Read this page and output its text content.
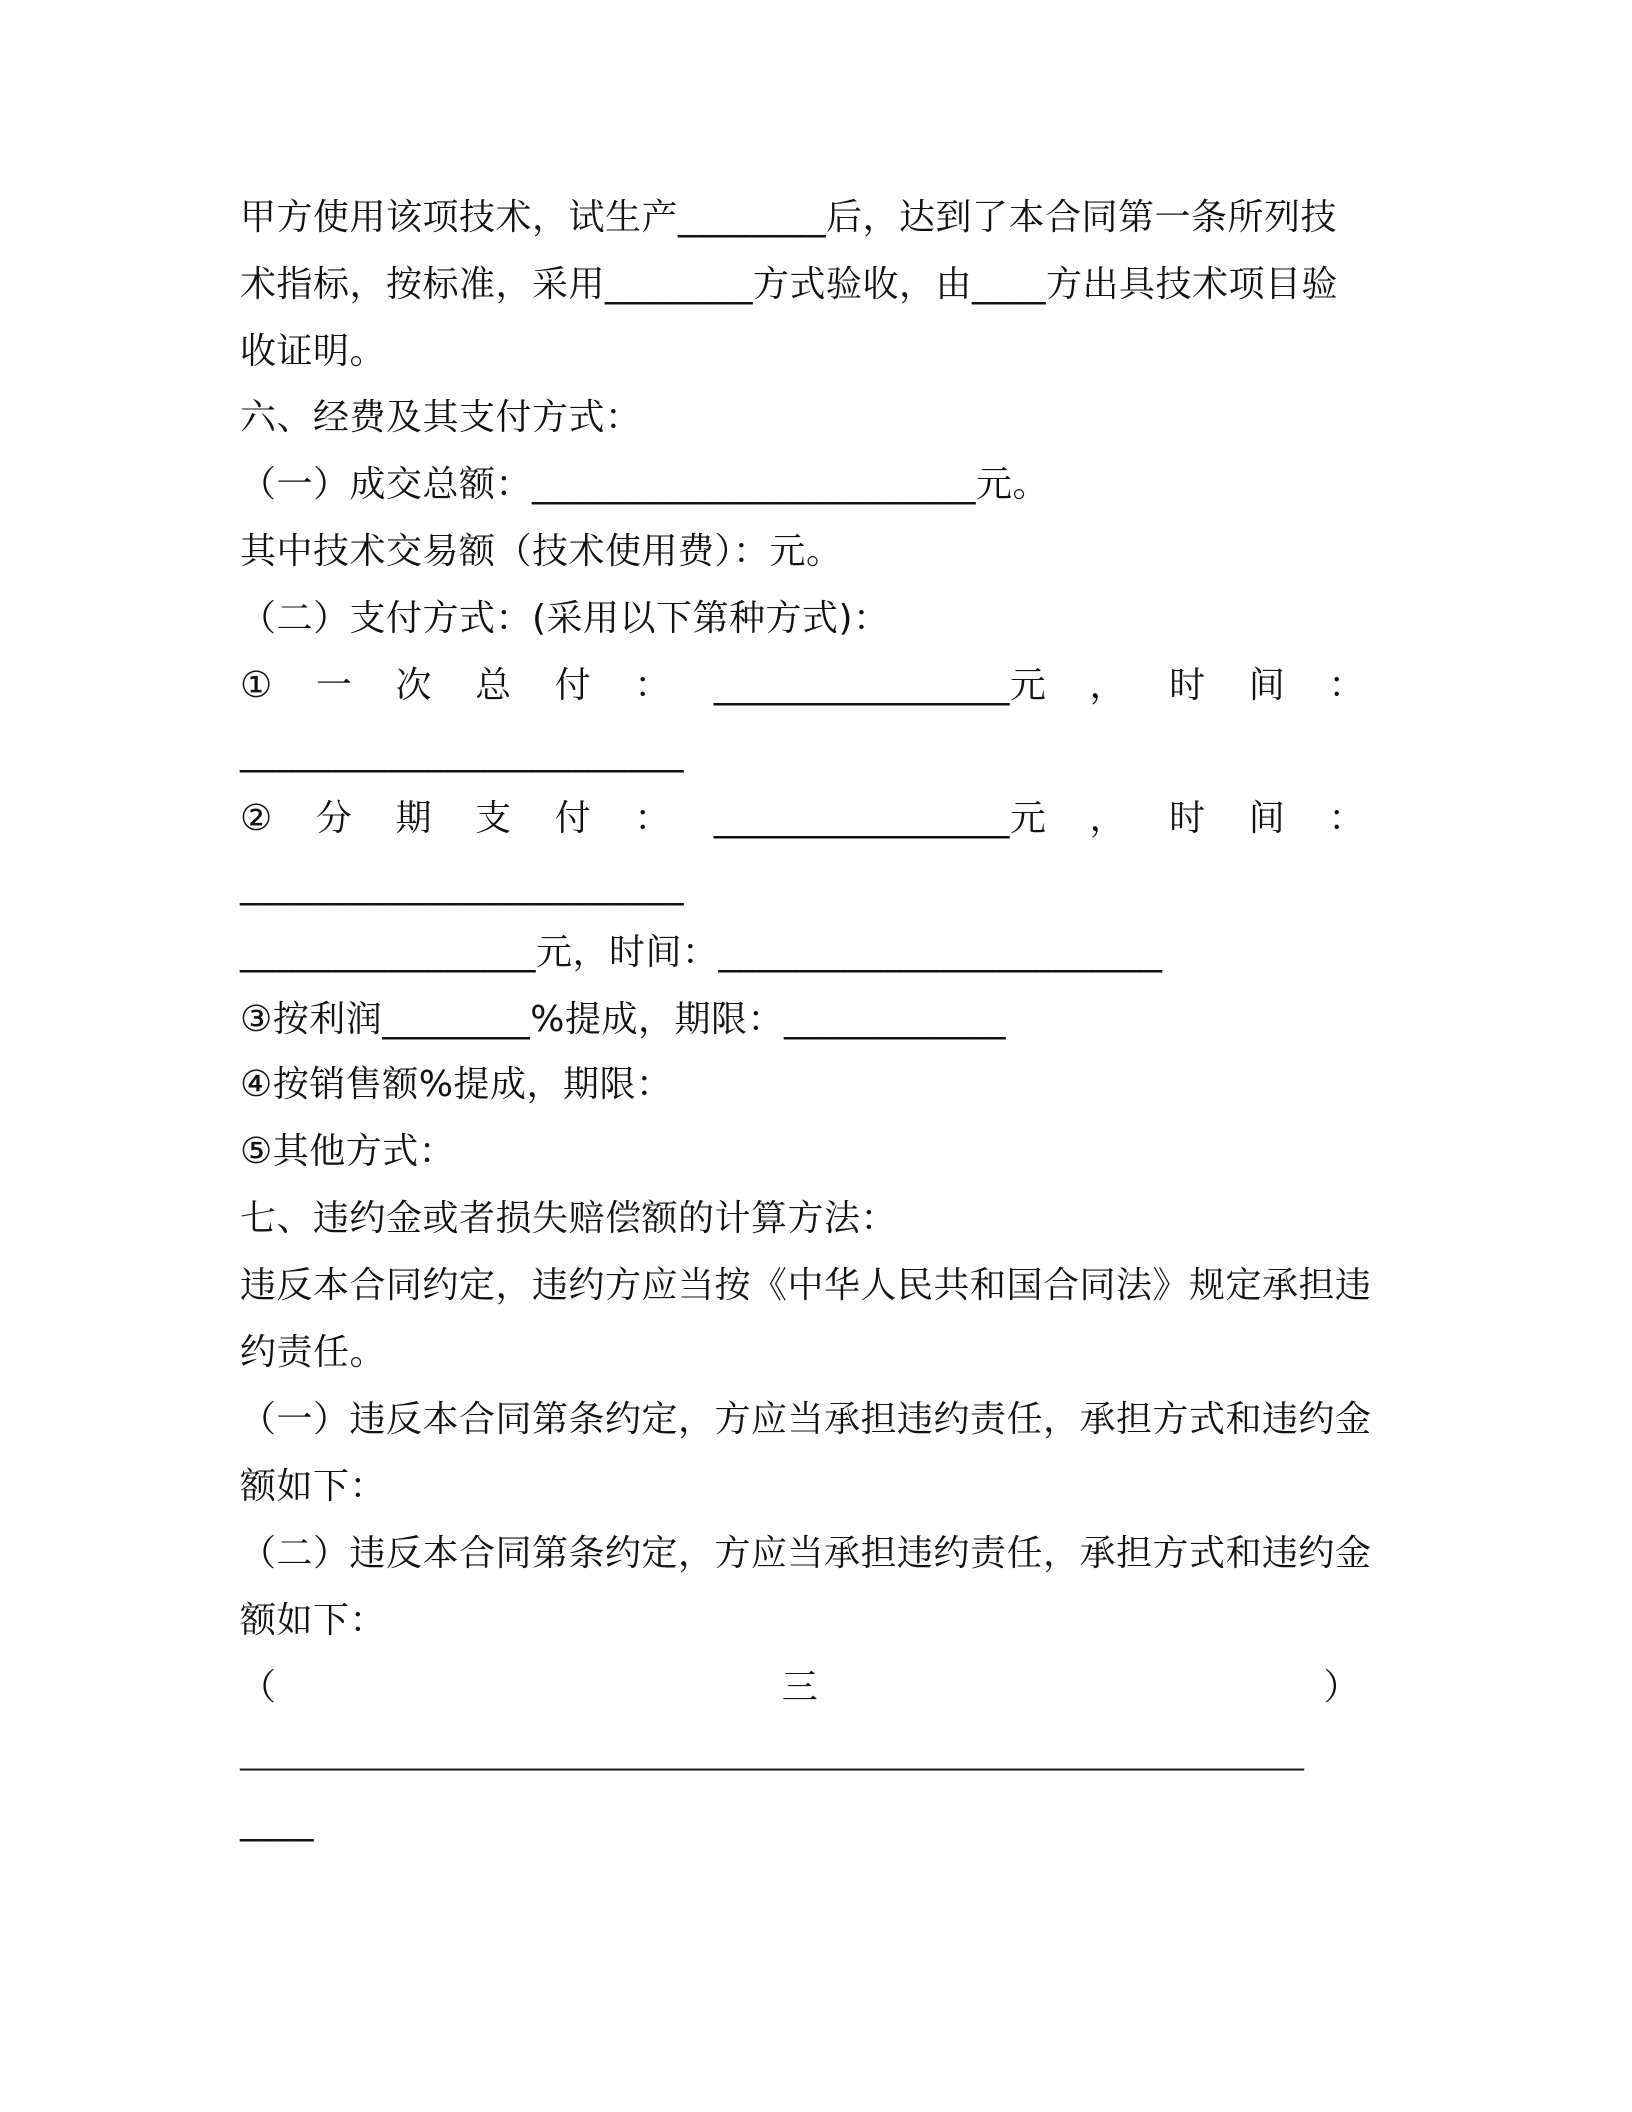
甲方使用该项技术，试生产________后，达到了本合同第一条所列技
术指标，按标准，采用________方式验收，由____方出具技术项目验
收证明。
六、经费及其支付方式：
（一）成交总额：________________________元。
其中技术交易额（技术使用费）：元。
（二）支付方式：(采用以下第种方式)：
① 一 次 总 付 ： ________________元 ， 时 间 ：
________________________
② 分 期 支 付 ： ________________元 ， 时 间 ：
________________________
________________元，时间：________________________
③按利润________%提成，期限：____________
④按销售额%提成，期限：
⑤其他方式：
七、违约金或者损失赔偿额的计算方法：
违反本合同约定，违约方应当按《中华人民共和国合同法》规定承担违
约责任。
（一）违反本合同第条约定，方应当承担违约责任，承担方式和违约金
额如下：
（二）违反本合同第条约定，方应当承担违约责任，承担方式和违约金
额如下：
（	三	）
____________________________________________________________________________
____
